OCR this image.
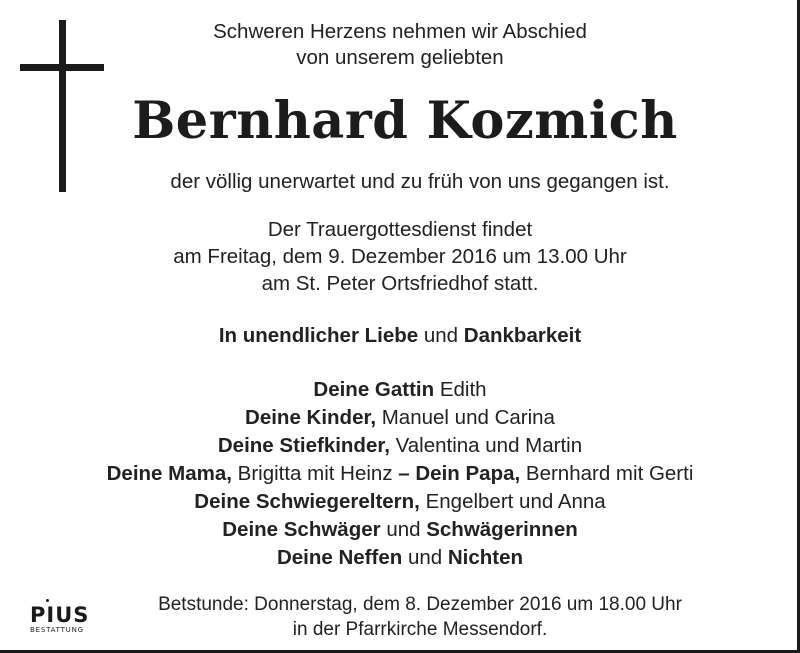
Schweren Herzens nehmen wir Abschied
von unserem geliebten
Bernhard Kozmich
der völlig unerwartet und zu früh von uns gegangen ist.
Der Trauergottesdienst findet
am Freitag, dem 9. Dezember 2016 um 13.00 Uhr
am St. Peter Ortsfriedhof statt.
In unendlicher Liebe und Dankbarkeit
Deine Gattin Edith
Deine Kinder, Manuel und Carina
Deine Stiefkinder, Valentina und Martin
Deine Mama, Brigitta mit Heinz – Dein Papa, Bernhard mit Gerti
Deine Schwiegereltern, Engelbert und Anna
Deine Schwäger und Schwägerinnen
Deine Neffen und Nichten
PIUS
BESTATTUNG
Betstunde: Donnerstag, dem 8. Dezember 2016 um 18.00 Uhr
in der Pfarrkirche Messendorf.
